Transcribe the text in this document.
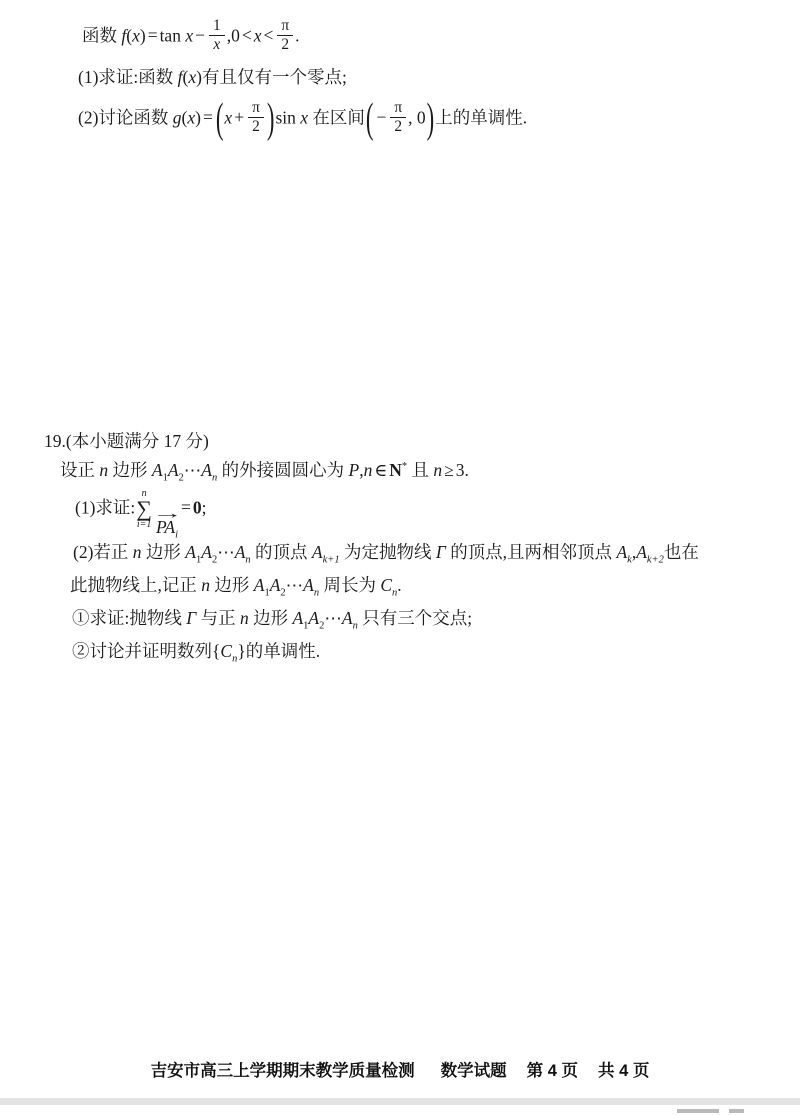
函数 $f(x) = \tan x - \frac{1}{x} ,0 < x < \frac{\pi}{2}$ .
(1)求证:函数 f(x)有且仅有一个零点;
(2)讨论函数 $g(x) = (x + \frac{\pi}{2} )\sin$ x 在区间( − $\frac{\pi}{2}$ , 0)上的单调性.
19.(本小题满分 17 分)
设正 n 边形 $A_1A_2\cdots A_n$ 的外接圆圆心为 P,n ∈ N* 且 n ≥ 3.
(1)求证:
n
∑
i=1
→
$PA_i$
= 0;
(2)若正 n 边形 $A_1A_2\cdots A_n$ 的顶点 $A_{k+1}$ 为定抛物线 Γ 的顶点,且两相邻顶点 $A_k,A_{k+2}$也在
此抛物线上,记正 n 边形 $A_1A_2\cdots A_n$ 周长为 $C_n$.
①求证:抛物线 Γ 与正 n 边形 $A_1A_2\cdots A_n$ 只有三个交点;
②讨论并证明数列$\{C_n\}$的单调性.
吉安市高三上学期期末教学质量检测 数学试题 第 4 页 共 4 页
